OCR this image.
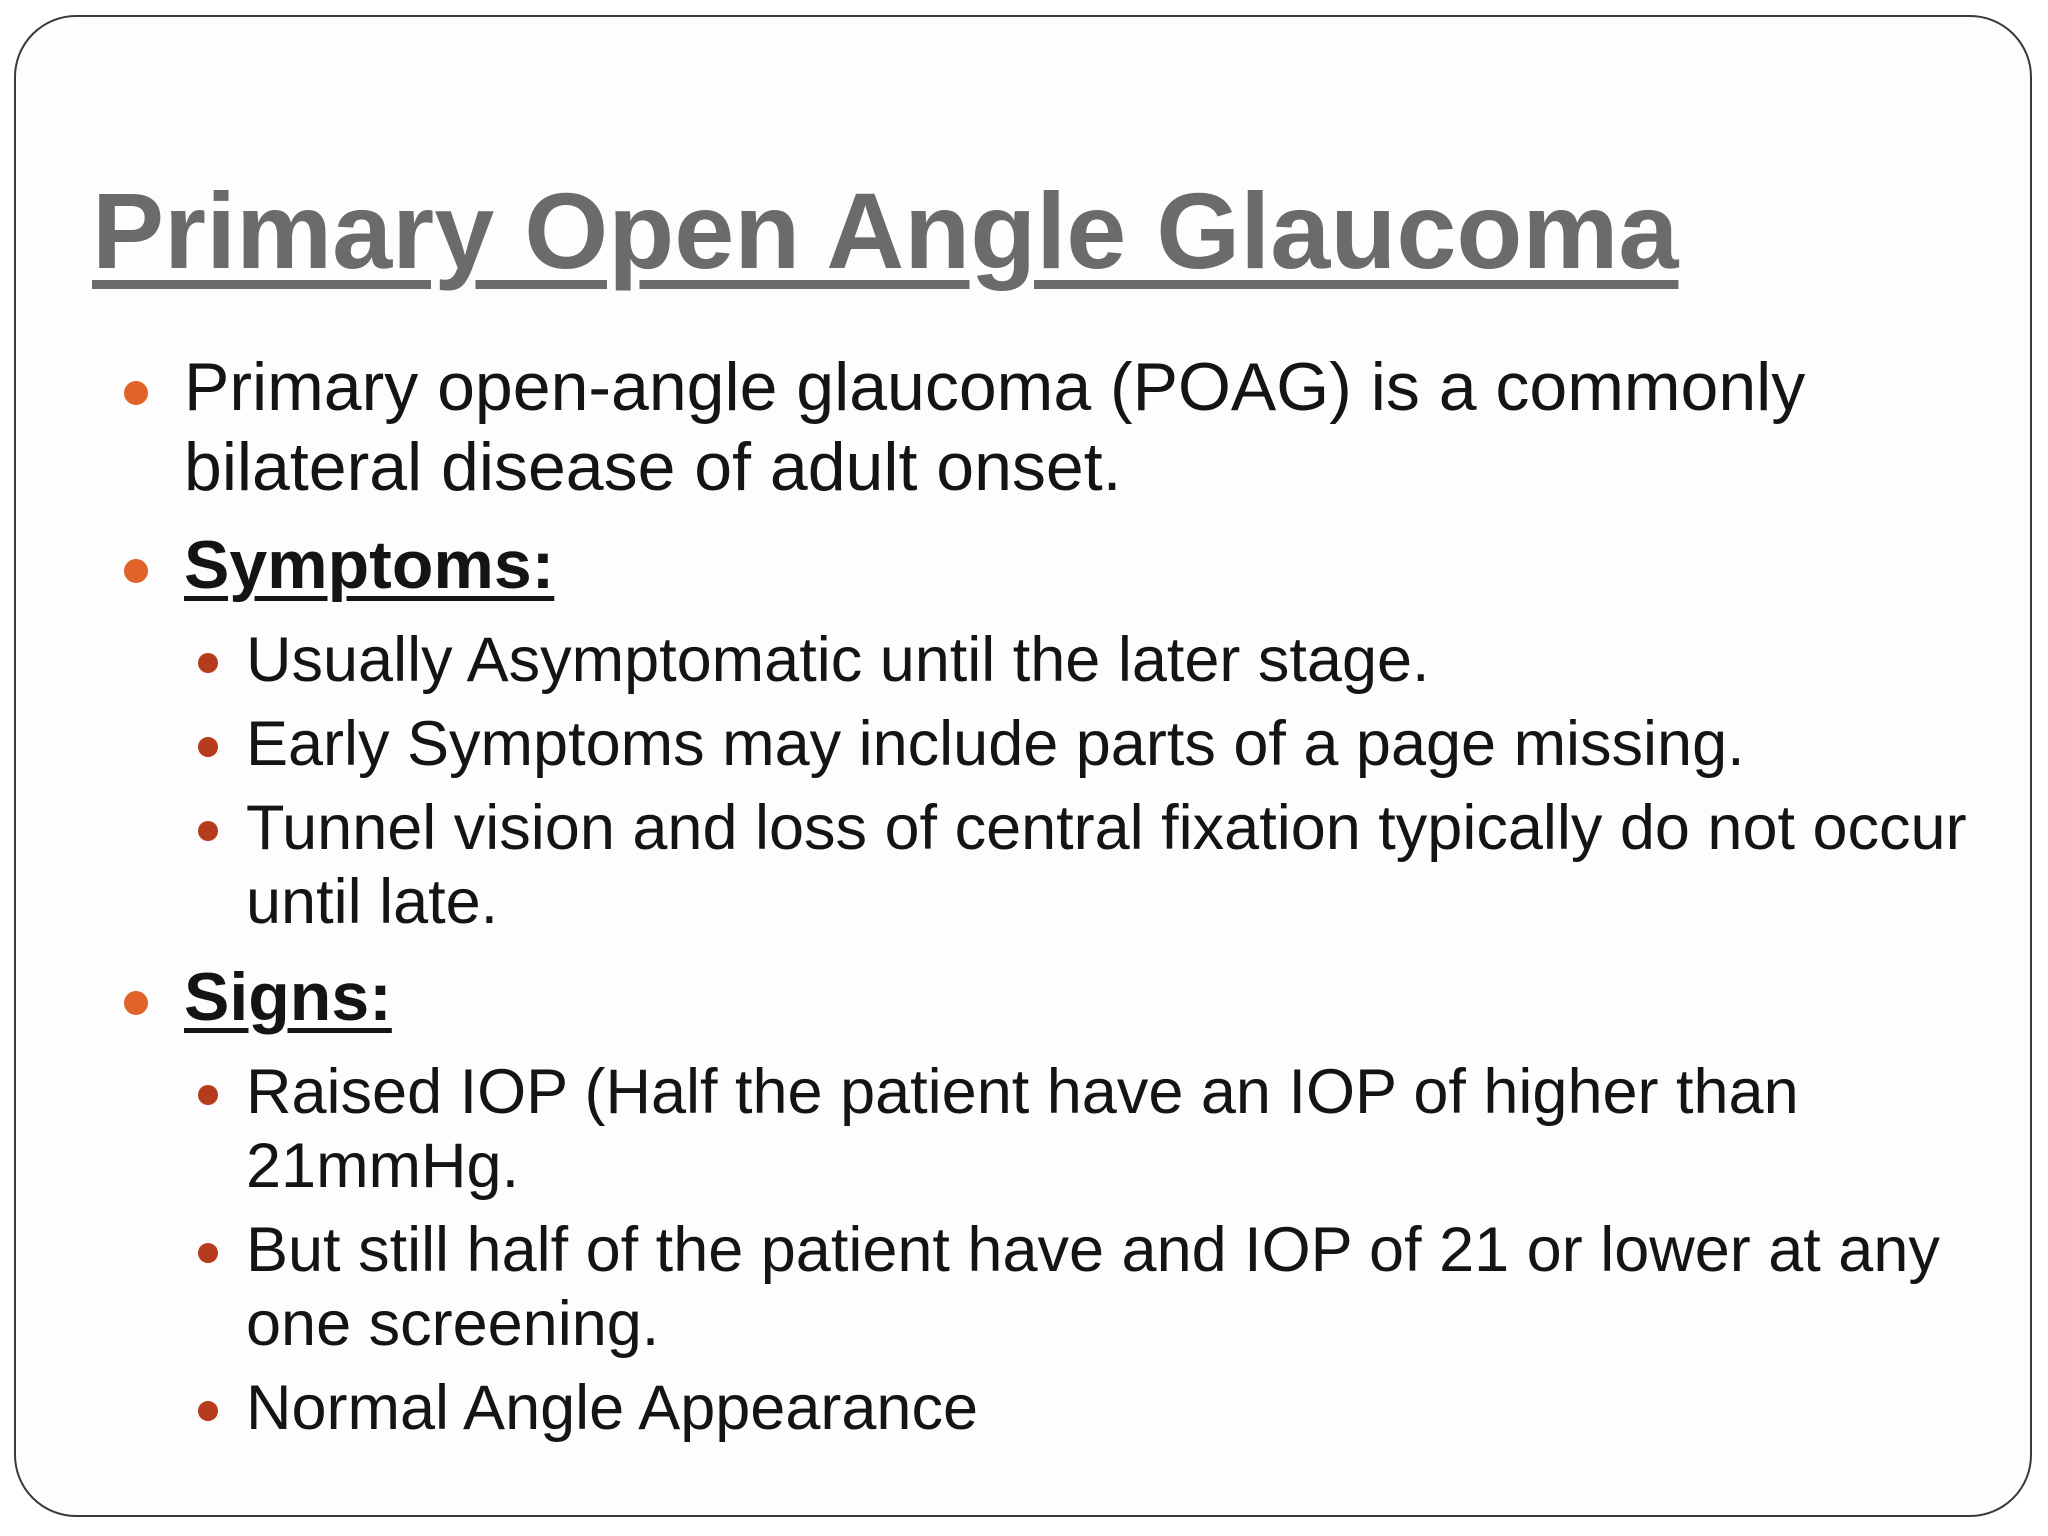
Primary Open Angle Glaucoma
Primary open-angle glaucoma (POAG) is a commonly bilateral disease of adult onset.
Symptoms:
Usually Asymptomatic until the later stage.
Early Symptoms may include parts of a page missing.
Tunnel vision and loss of central fixation typically do not occur until late.
Signs:
Raised IOP (Half the patient have an IOP of higher than 21mmHg.
But still half of the patient have and IOP of 21 or lower at any one screening.
Normal Angle Appearance
